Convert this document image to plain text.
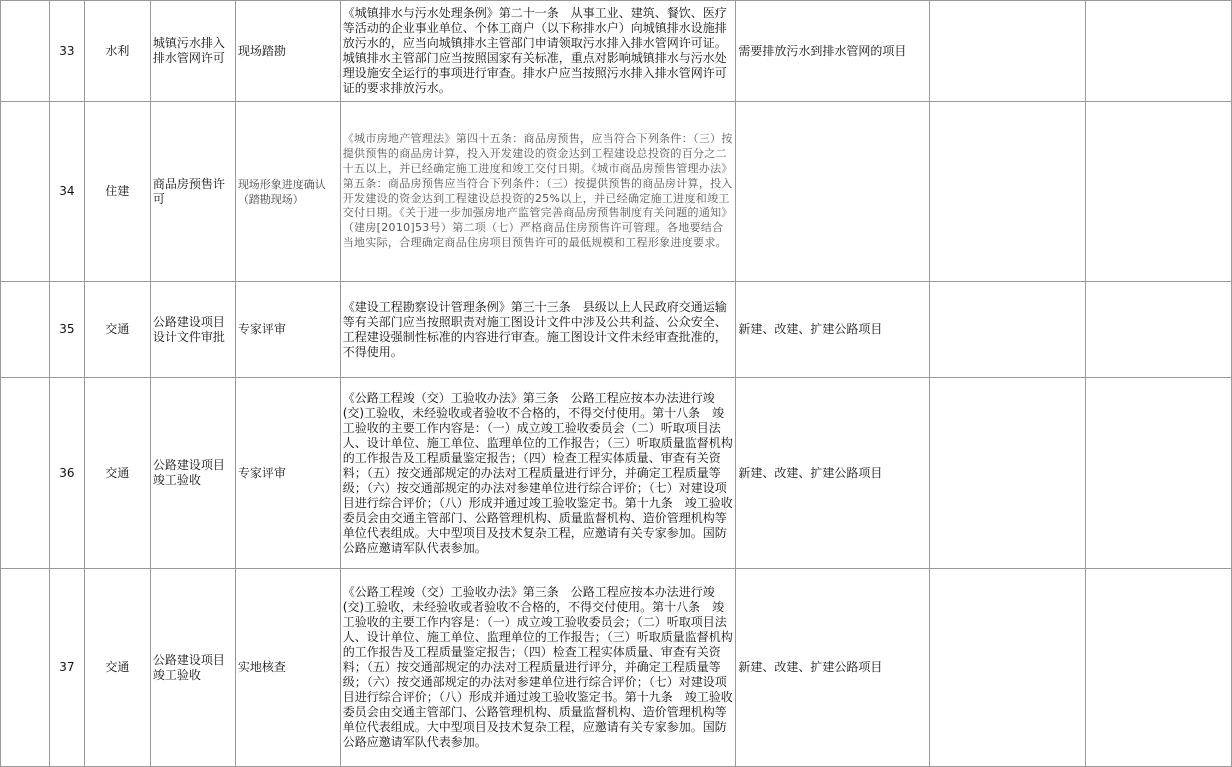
	33	水利	城镇污水排入排水管网许可	现场踏勘	《城镇排水与污水处理条例》第二十一条　从事工业、建筑、餐饮、医疗等活动的企业事业单位、个体工商户（以下称排水户）向城镇排水设施排放污水的，应当向城镇排水主管部门申请领取污水排入排水管网许可证。城镇排水主管部门应当按照国家有关标准，重点对影响城镇排水与污水处理设施安全运行的事项进行审查。排水户应当按照污水排入排水管网许可证的要求排放污水。	需要排放污水到排水管网的项目		
	34	住建	商品房预售许可	现场形象进度确认（踏勘现场）	《城市房地产管理法》第四十五条：商品房预售，应当符合下列条件：（三）按提供预售的商品房计算，投入开发建设的资金达到工程建设总投资的百分之二十五以上，并已经确定施工进度和竣工交付日期。《城市商品房预售管理办法》第五条：商品房预售应当符合下列条件：（三）按提供预售的商品房计算，投入开发建设的资金达到工程建设总投资的25%以上，并已经确定施工进度和竣工交付日期。《关于进一步加强房地产监管完善商品房预售制度有关问题的通知》（建房[2010]53号）第二项（七）严格商品住房预售许可管理。各地要结合当地实际，合理确定商品住房项目预售许可的最低规模和工程形象进度要求。			
	35	交通	公路建设项目设计文件审批	专家评审	《建设工程勘察设计管理条例》第三十三条　县级以上人民政府交通运输等有关部门应当按照职责对施工图设计文件中涉及公共利益、公众安全、工程建设强制性标准的内容进行审查。施工图设计文件未经审查批准的，不得使用。	新建、改建、扩建公路项目		
	36	交通	公路建设项目竣工验收	专家评审	《公路工程竣（交）工验收办法》第三条　公路工程应按本办法进行竣(交)工验收，未经验收或者验收不合格的，不得交付使用。第十八条　竣工验收的主要工作内容是：（一）成立竣工验收委员会（二）听取项目法人、设计单位、施工单位、监理单位的工作报告；（三）听取质量监督机构的工作报告及工程质量鉴定报告；（四）检查工程实体质量、审查有关资料；（五）按交通部规定的办法对工程质量进行评分，并确定工程质量等级；（六）按交通部规定的办法对参建单位进行综合评价；（七）对建设项目进行综合评价；（八）形成并通过竣工验收鉴定书。第十九条　竣工验收委员会由交通主管部门、公路管理机构、质量监督机构、造价管理机构等单位代表组成。大中型项目及技术复杂工程，应邀请有关专家参加。国防公路应邀请军队代表参加。	新建、改建、扩建公路项目		
	37	交通	公路建设项目竣工验收	实地核查	《公路工程竣（交）工验收办法》第三条　公路工程应按本办法进行竣(交)工验收，未经验收或者验收不合格的，不得交付使用。第十八条　竣工验收的主要工作内容是：（一）成立竣工验收委员会；（二）听取项目法人、设计单位、施工单位、监理单位的工作报告；（三）听取质量监督机构的工作报告及工程质量鉴定报告；（四）检查工程实体质量、审查有关资料；（五）按交通部规定的办法对工程质量进行评分，并确定工程质量等级；（六）按交通部规定的办法对参建单位进行综合评价；（七）对建设项目进行综合评价；（八）形成并通过竣工验收鉴定书。第十九条　竣工验收委员会由交通主管部门、公路管理机构、质量监督机构、造价管理机构等单位代表组成。大中型项目及技术复杂工程，应邀请有关专家参加。国防公路应邀请军队代表参加。	新建、改建、扩建公路项目		
